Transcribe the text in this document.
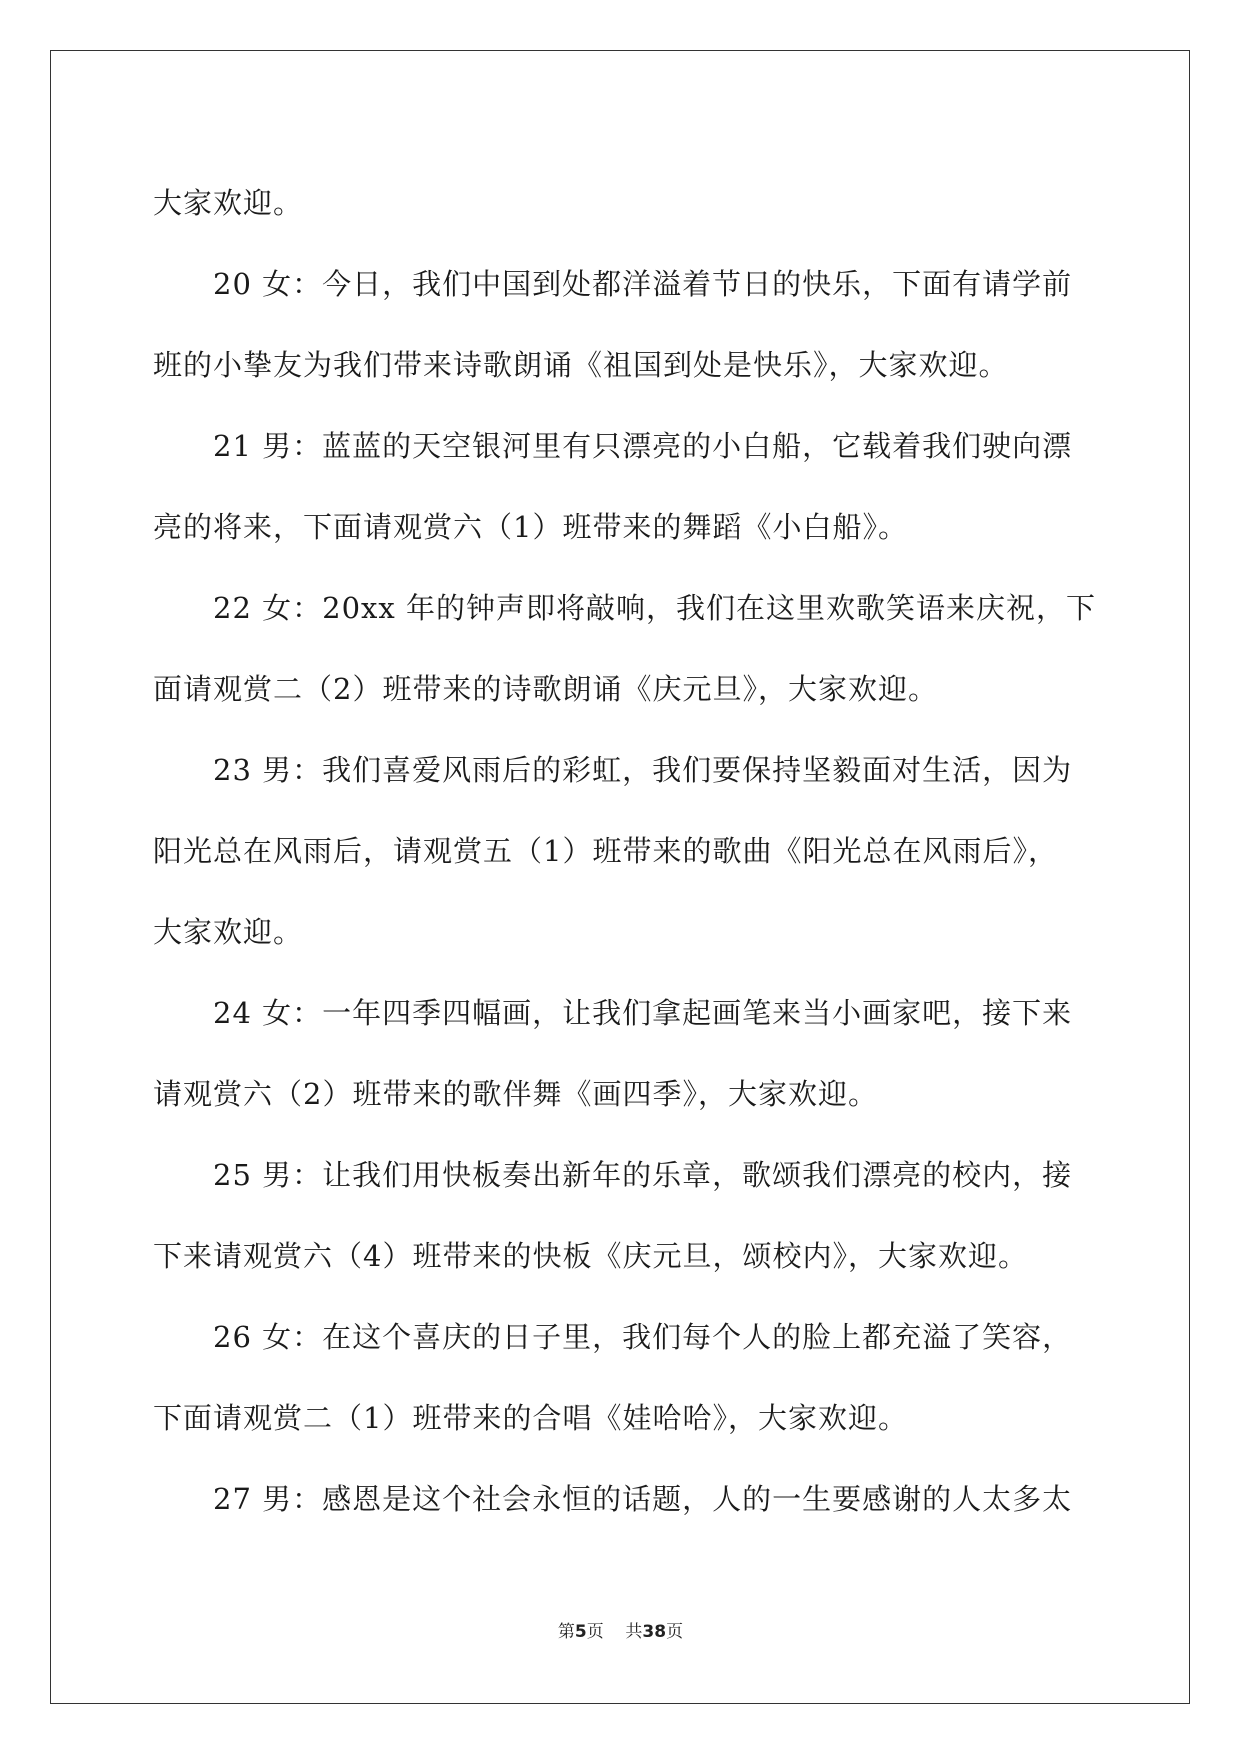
大家欢迎。

20 女：今日，我们中国到处都洋溢着节日的快乐，下面有请学前

班的小挚友为我们带来诗歌朗诵《祖国到处是快乐》，大家欢迎。

21 男：蓝蓝的天空银河里有只漂亮的小白船，它载着我们驶向漂

亮的将来，下面请观赏六（1）班带来的舞蹈《小白船》。

22 女：20xx 年的钟声即将敲响，我们在这里欢歌笑语来庆祝，下

面请观赏二（2）班带来的诗歌朗诵《庆元旦》，大家欢迎。

23 男：我们喜爱风雨后的彩虹，我们要保持坚毅面对生活，因为

阳光总在风雨后，请观赏五（1）班带来的歌曲《阳光总在风雨后》，

大家欢迎。

24 女：一年四季四幅画，让我们拿起画笔来当小画家吧，接下来

请观赏六（2）班带来的歌伴舞《画四季》，大家欢迎。

25 男：让我们用快板奏出新年的乐章，歌颂我们漂亮的校内，接

下来请观赏六（4）班带来的快板《庆元旦，颂校内》，大家欢迎。

26 女：在这个喜庆的日子里，我们每个人的脸上都充溢了笑容，

下面请观赏二（1）班带来的合唱《娃哈哈》，大家欢迎。

27 男：感恩是这个社会永恒的话题，人的一生要感谢的人太多太

第5页 共38页
